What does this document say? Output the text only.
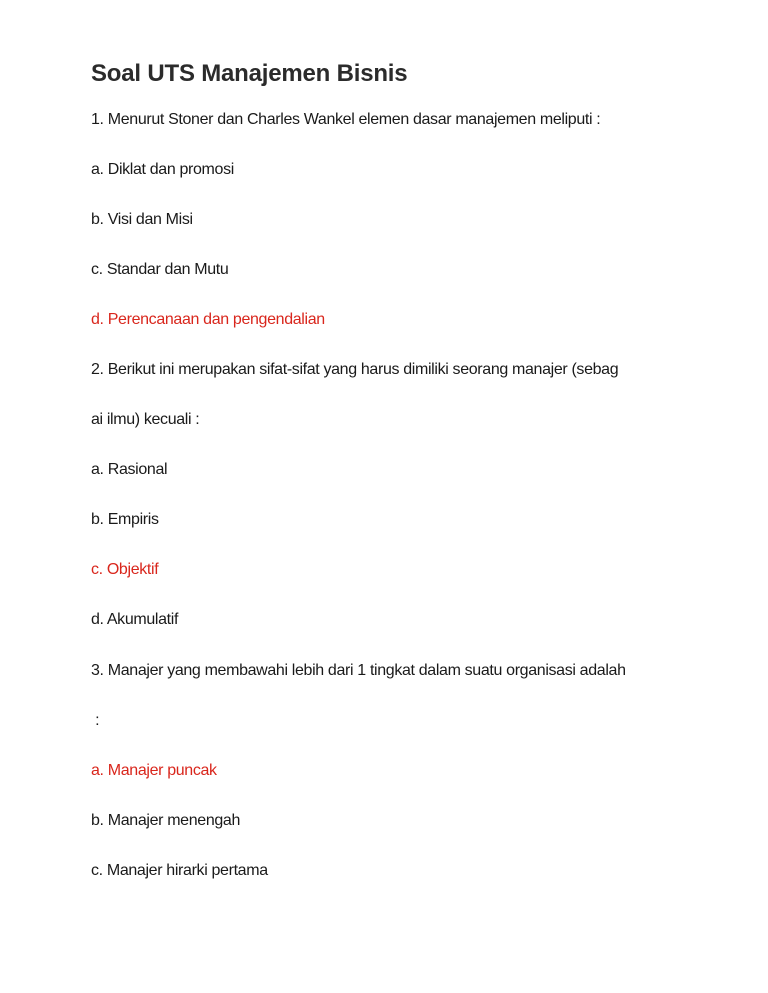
Soal UTS Manajemen Bisnis

1. Menurut Stoner dan Charles Wankel elemen dasar manajemen meliputi :

a. Diklat dan promosi

b. Visi dan Misi

c. Standar dan Mutu

d. Perencanaan dan pengendalian

2. Berikut ini merupakan sifat-sifat yang harus dimiliki seorang manajer (sebag

ai ilmu) kecuali :

a. Rasional

b. Empiris

c. Objektif

d. Akumulatif

3. Manajer yang membawahi lebih dari 1 tingkat dalam suatu organisasi adalah

:

a. Manajer puncak

b. Manajer menengah

c. Manajer hirarki pertama
